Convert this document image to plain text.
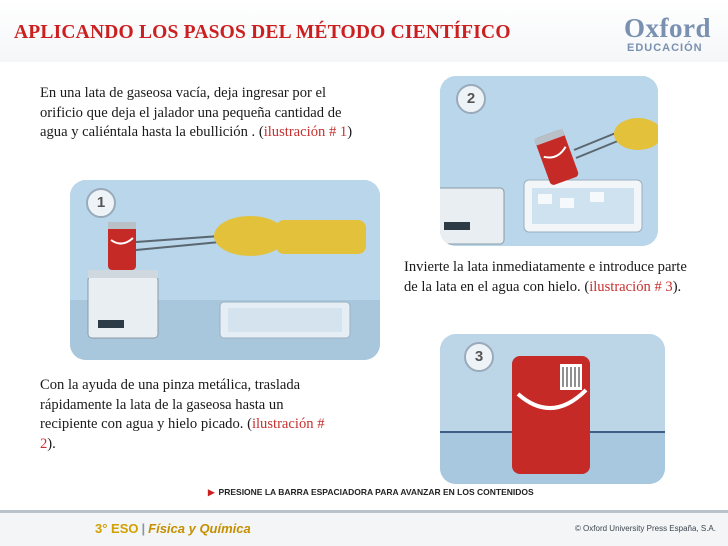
APLICANDO LOS PASOS DEL MÉTODO CIENTÍFICO	Oxford
EDUCACIÓN
En una lata de gaseosa vacía, deja ingresar por el orificio que deja el jalador una pequeña cantidad de agua y caliéntala hasta la ebullición . (ilustración # 1)
1
2
Invierte la lata inmediatamente e introduce parte de la lata en el agua con hielo. (ilustración # 3).
3
Con la ayuda de una pinza metálica, traslada rápidamente la lata de la gaseosa hasta un recipiente con agua y hielo picado. (ilustración # 2).
▶ PRESIONE LA BARRA ESPACIADORA PARA AVANZAR EN LOS CONTENIDOS
3° ESO | Física y Química	© Oxford University Press España, S.A.
